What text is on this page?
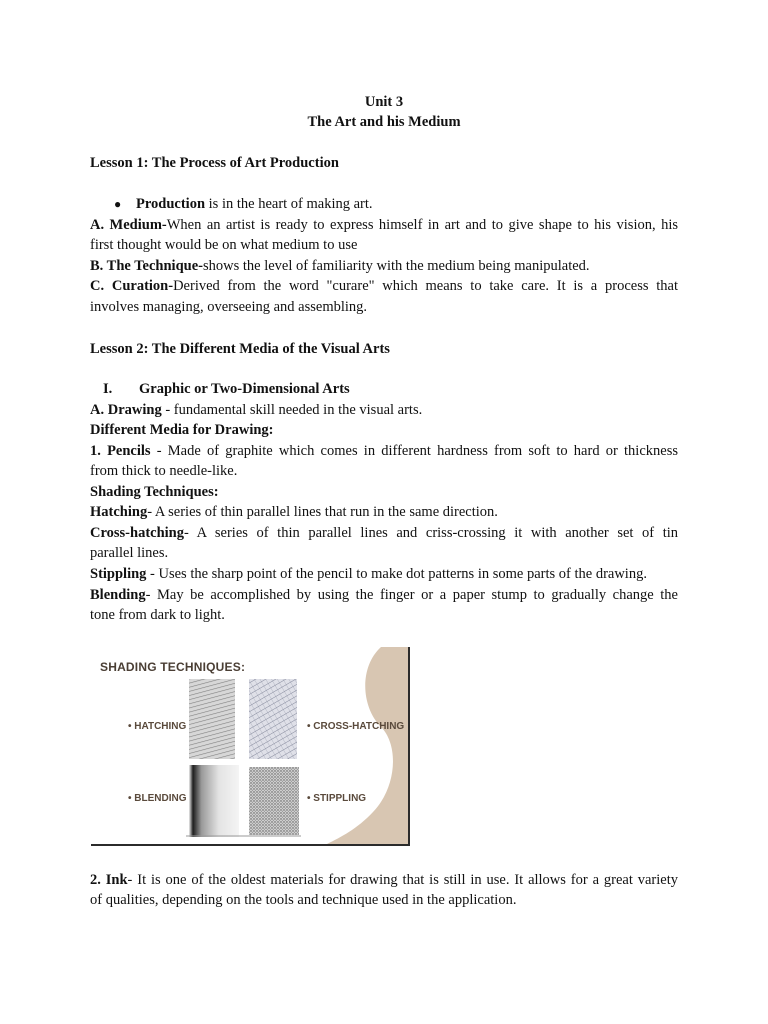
Unit 3
The Art and his Medium
Lesson 1: The Process of Art Production
● Production is in the heart of making art.
A. Medium-When an artist is ready to express himself in art and to give shape to his vision, his
first thought would be on what medium to use
B. The Technique-shows the level of familiarity with the medium being manipulated.
C. Curation-Derived from the word "curare" which means to take care. It is a process that
involves managing, overseeing and assembling.
Lesson 2: The Different Media of the Visual Arts
I. Graphic or Two-Dimensional Arts
A. Drawing - fundamental skill needed in the visual arts.
Different Media for Drawing:
1. Pencils - Made of graphite which comes in different hardness from soft to hard or thickness
from thick to needle-like.
Shading Techniques:
Hatching- A series of thin parallel lines that run in the same direction.
Cross-hatching- A series of thin parallel lines and criss-crossing it with another set of tin
parallel lines.
Stippling - Uses the sharp point of the pencil to make dot patterns in some parts of the drawing.
Blending- May be accomplished by using the finger or a paper stump to gradually change the
tone from dark to light.
SHADING TECHNIQUES:
• HATCHING	• CROSS-HATCHING
• BLENDING	• STIPPLING
2. Ink- It is one of the oldest materials for drawing that is still in use. It allows for a great variety
of qualities, depending on the tools and technique used in the application.
